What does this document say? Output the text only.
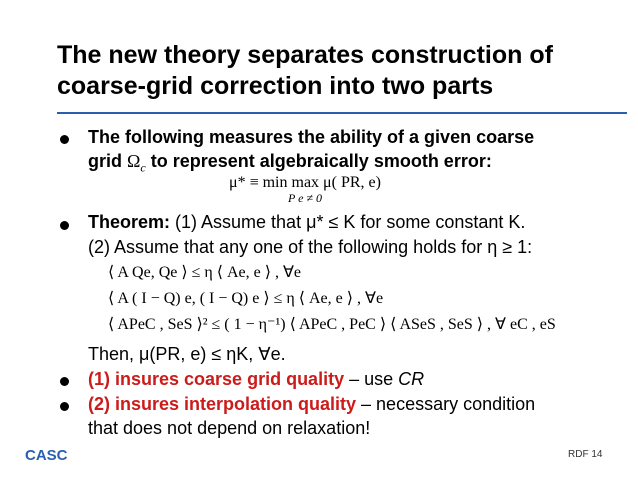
The new theory separates construction of coarse-grid correction into two parts
The following measures the ability of a given coarse
grid $\Omega_c$ to represent algebraically smooth error:
μ* ≡ min max μ( PR, e)
P e ≠ 0
Theorem: (1) Assume that μ* ≤ K for some constant K.
(2) Assume that any one of the following holds for η ≥ 1:
⟨ A Qe, Qe ⟩ ≤ η ⟨ Ae, e ⟩ , ∀e
⟨ A ( I − Q) e, ( I − Q) e ⟩ ≤ η ⟨ Ae, e ⟩ , ∀e
⟨ APeC , SeS ⟩² ≤ ( 1 − η⁻¹) ⟨ APeC , PeC ⟩ ⟨ ASeS , SeS ⟩ , ∀ eC , eS
Then, μ(PR, e) ≤ ηK, ∀e.
(1) insures coarse grid quality – use CR
(2) insures interpolation quality – necessary condition
that does not depend on relaxation!
CASC	RDF 14
